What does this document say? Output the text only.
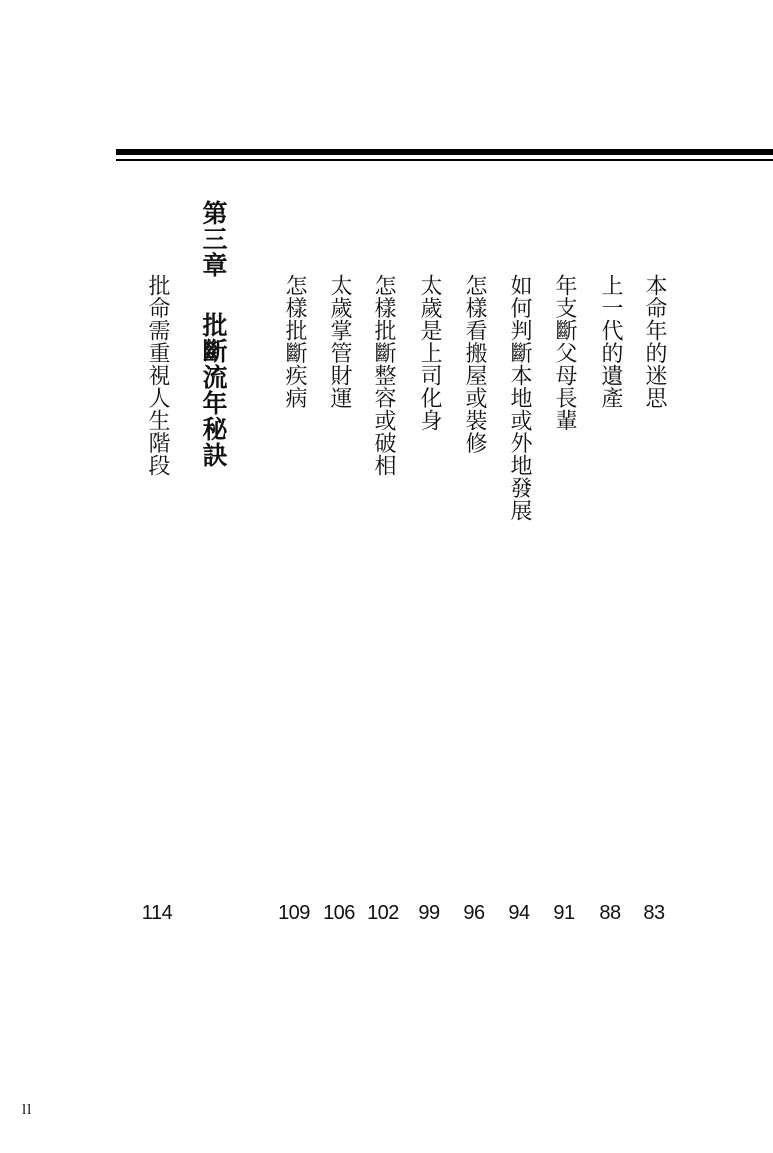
第三章批斷流年秘訣	本命年的迷思
83
上一代的遺產
88
年支斷父母長輩
91
如何判斷本地或外地發展
94
怎樣看搬屋或裝修
96
太歲是上司化身
99
怎樣批斷整容或破相
102
太歲掌管財運
106
怎樣批斷疾病
109
批命需重視人生階段
114
ll
